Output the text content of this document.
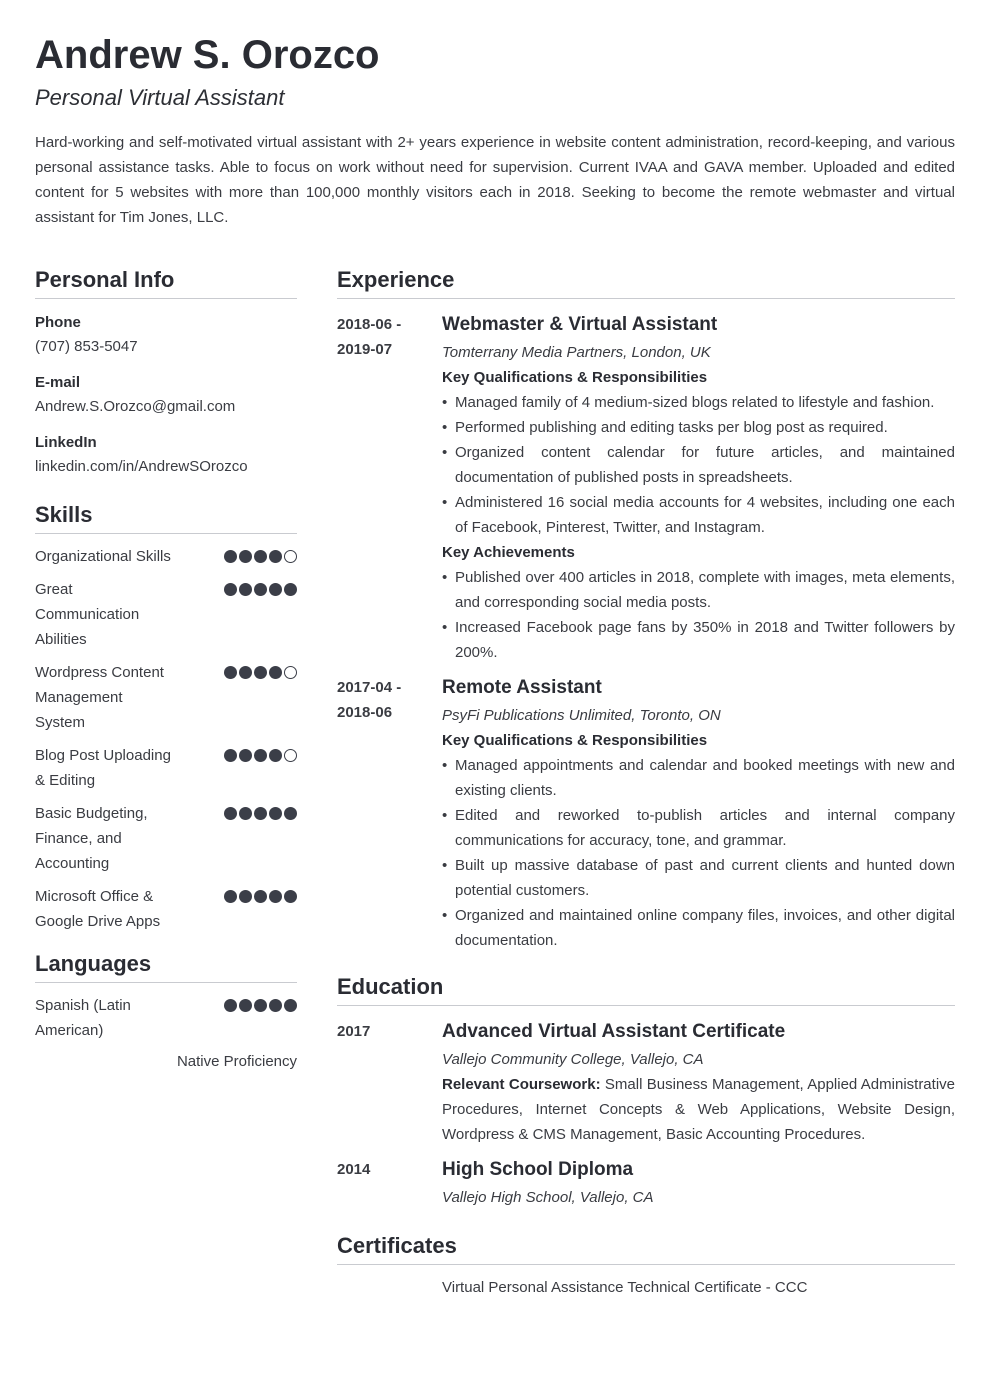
Andrew S. Orozco
Personal Virtual Assistant
Hard-working and self-motivated virtual assistant with 2+ years experience in website content administration, record-keeping, and various personal assistance tasks. Able to focus on work without need for supervision. Current IVAA and GAVA member. Uploaded and edited content for 5 websites with more than 100,000 monthly visitors each in 2018. Seeking to become the remote webmaster and virtual assistant for Tim Jones, LLC.
Personal Info
Phone
(707) 853-5047
E-mail
Andrew.S.Orozco@gmail.com
LinkedIn
linkedin.com/in/AndrewSOrozco
Skills
Organizational Skills
Great Communication Abilities
Wordpress Content Management System
Blog Post Uploading & Editing
Basic Budgeting, Finance, and Accounting
Microsoft Office & Google Drive Apps
Languages
Spanish (Latin American)
Native Proficiency
Experience
2018-06 -
2019-07
Webmaster & Virtual Assistant
Tomterrany Media Partners, London, UK
Key Qualifications & Responsibilities
• Managed family of 4 medium-sized blogs related to lifestyle and fashion.
• Performed publishing and editing tasks per blog post as required.
• Organized content calendar for future articles, and maintained documentation of published posts in spreadsheets.
• Administered 16 social media accounts for 4 websites, including one each of Facebook, Pinterest, Twitter, and Instagram.
Key Achievements
• Published over 400 articles in 2018, complete with images, meta elements, and corresponding social media posts.
• Increased Facebook page fans by 350% in 2018 and Twitter followers by 200%.
2017-04 -
2018-06
Remote Assistant
PsyFi Publications Unlimited, Toronto, ON
Key Qualifications & Responsibilities
• Managed appointments and calendar and booked meetings with new and existing clients.
• Edited and reworked to-publish articles and internal company communications for accuracy, tone, and grammar.
• Built up massive database of past and current clients and hunted down potential customers.
• Organized and maintained online company files, invoices, and other digital documentation.
Education
2017	Advanced Virtual Assistant Certificate
Vallejo Community College, Vallejo, CA
Relevant Coursework: Small Business Management, Applied Administrative Procedures, Internet Concepts & Web Applications, Website Design, Wordpress & CMS Management, Basic Accounting Procedures.
2014	High School Diploma
Vallejo High School, Vallejo, CA
Certificates
Virtual Personal Assistance Technical Certificate - CCC
